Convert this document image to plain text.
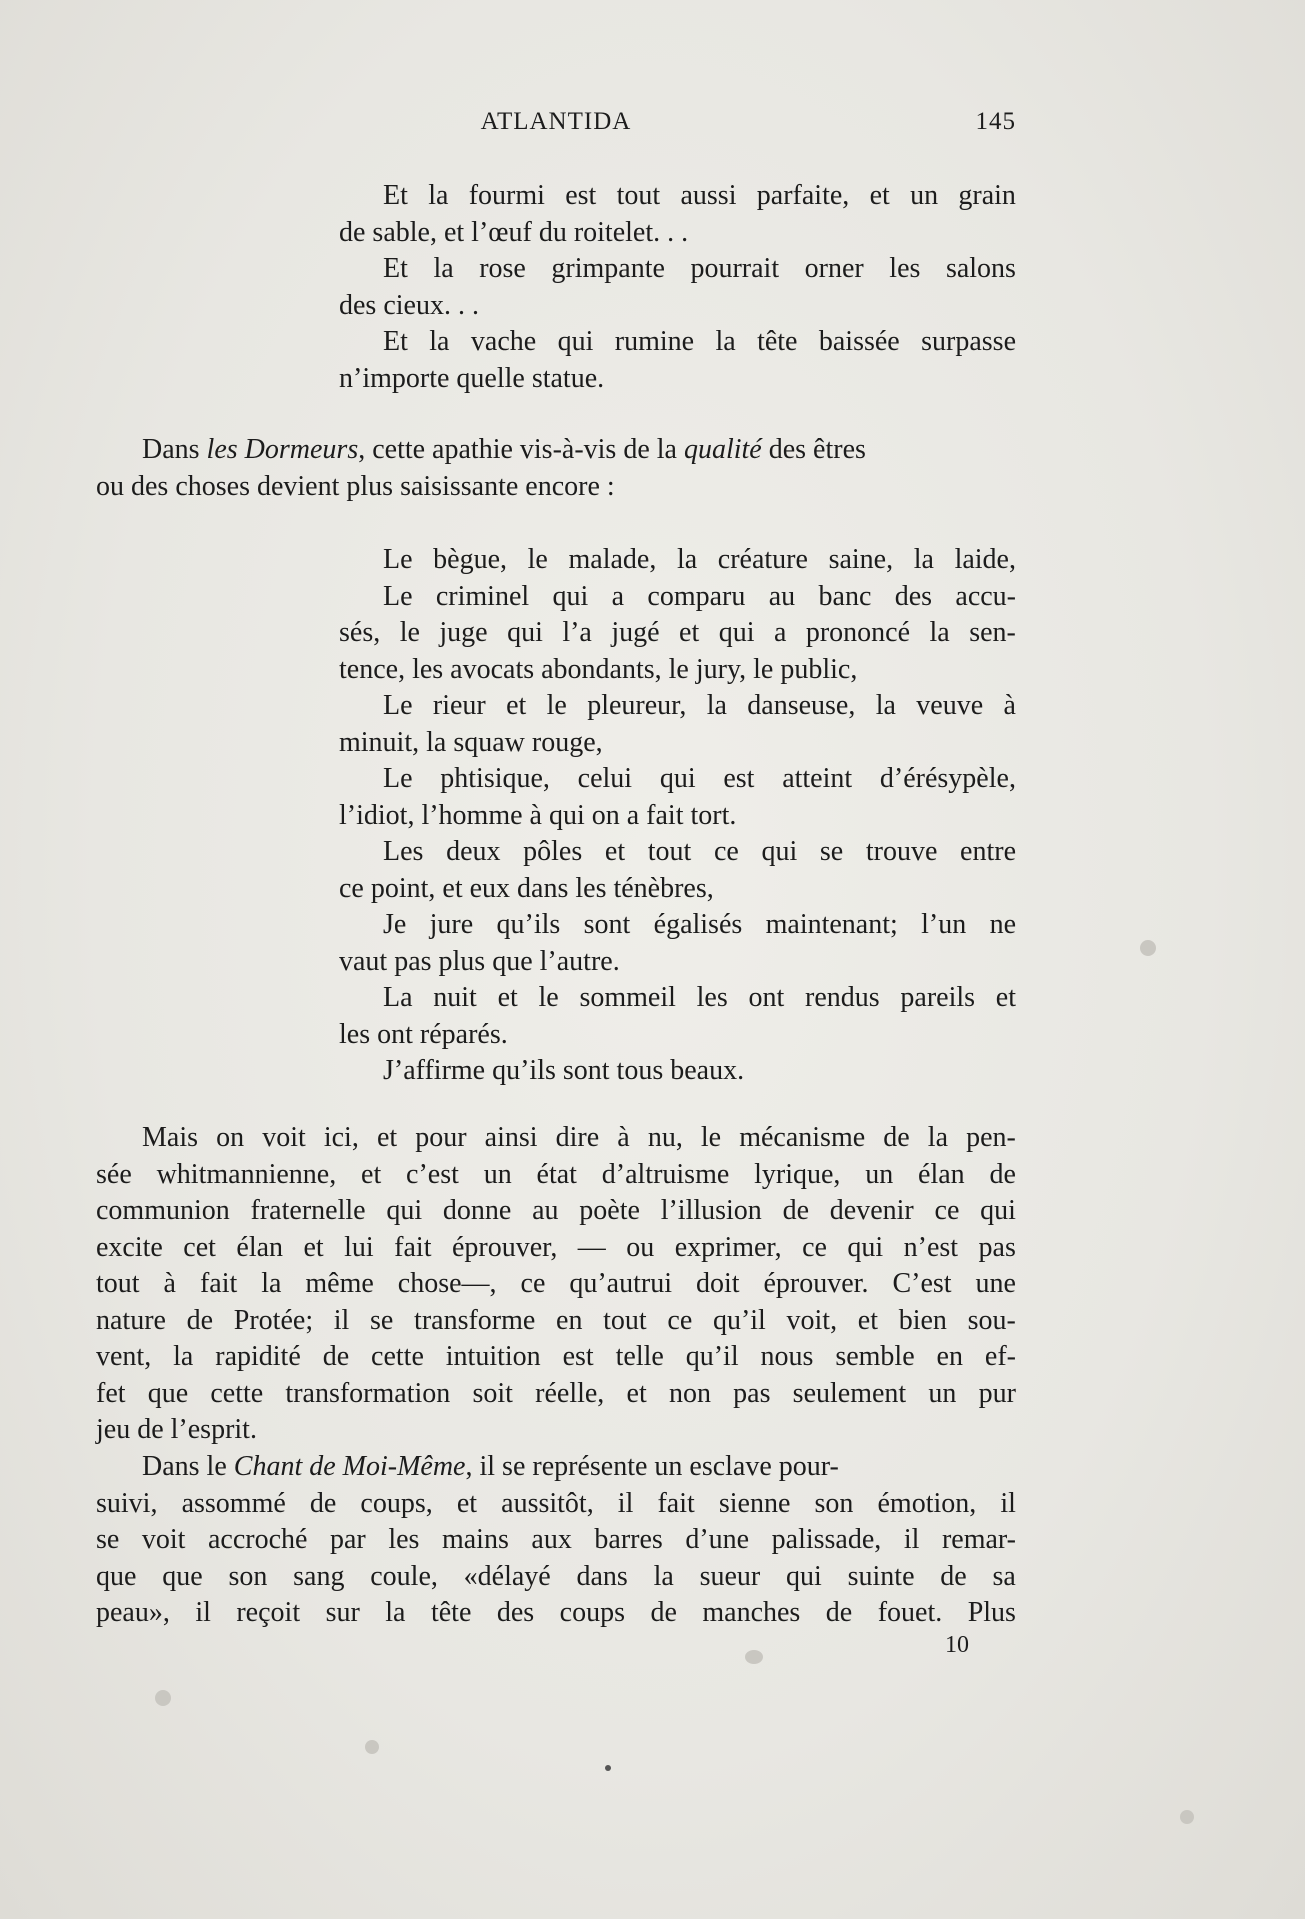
ATLANTIDA	145
Et la fourmi est tout aussi parfaite, et un grain
de sable, et l’œuf du roitelet. . .
Et la rose grimpante pourrait orner les salons
des cieux. . .
Et la vache qui rumine la tête baissée surpasse
n’importe quelle statue.
Dans les Dormeurs , cette apathie vis-à-vis de la qualité des êtres
ou des choses devient plus saisissante encore :
Le bègue, le malade, la créature saine, la laide,
Le criminel qui a comparu au banc des accu-
sés, le juge qui l’a jugé et qui a prononcé la sen-
tence, les avocats abondants, le jury, le public,
Le rieur et le pleureur, la danseuse, la veuve à
minuit, la squaw rouge,
Le phtisique, celui qui est atteint d’érésypèle,
l’idiot, l’homme à qui on a fait tort.
Les deux pôles et tout ce qui se trouve entre
ce point, et eux dans les ténèbres,
Je jure qu’ils sont égalisés maintenant; l’un ne
vaut pas plus que l’autre.
La nuit et le sommeil les ont rendus pareils et
les ont réparés.
J’affirme qu’ils sont tous beaux.
Mais on voit ici, et pour ainsi dire à nu, le mécanisme de la pen-
sée whitmannienne, et c’est un état d’altruisme lyrique, un élan de
communion fraternelle qui donne au poète l’illusion de devenir ce qui
excite cet élan et lui fait éprouver, — ou exprimer, ce qui n’est pas
tout à fait la même chose—, ce qu’autrui doit éprouver. C’est une
nature de Protée; il se transforme en tout ce qu’il voit, et bien sou-
vent, la rapidité de cette intuition est telle qu’il nous semble en ef-
fet que cette transformation soit réelle, et non pas seulement un pur
jeu de l’esprit.
Dans le Chant de Moi-Même , il se représente un esclave pour-
suivi, assommé de coups, et aussitôt, il fait sienne son émotion, il
se voit accroché par les mains aux barres d’une palissade, il remar-
que que son sang coule, «délayé dans la sueur qui suinte de sa
peau», il reçoit sur la tête des coups de manches de fouet. Plus
10
